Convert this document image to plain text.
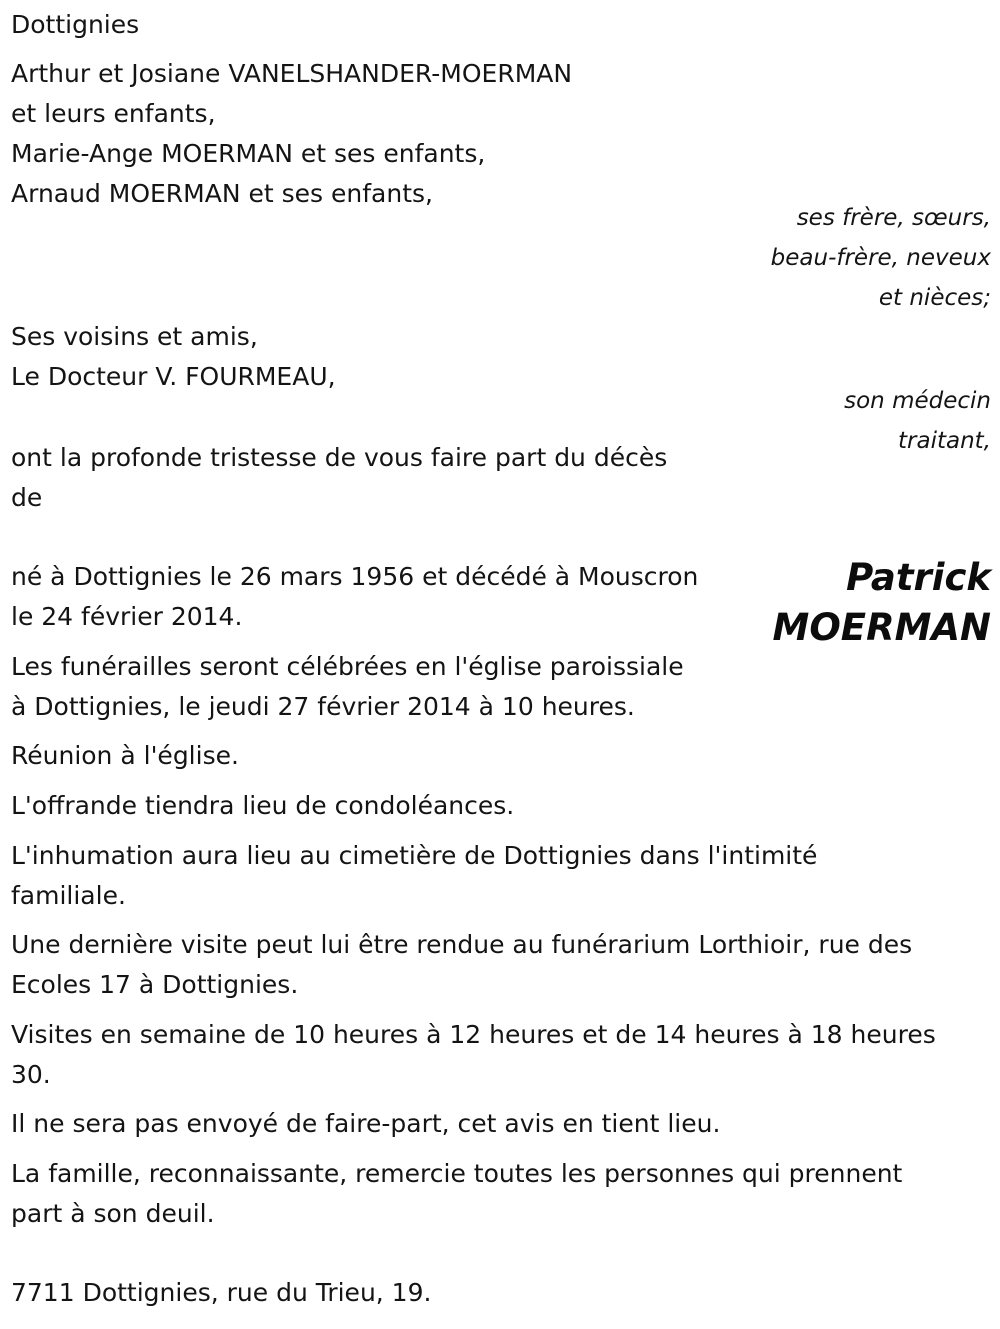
Dottignies
Arthur et Josiane VANELSHANDER-MOERMAN
et leurs enfants,
Marie-Ange MOERMAN et ses enfants,
Arnaud MOERMAN et ses enfants,
ses frère, sœurs,
beau-frère, neveux
et nièces;
Ses voisins et amis,
Le Docteur V. FOURMEAU,
son médecin
traitant,
ont la profonde tristesse de vous faire part du décès
de
Patrick
MOERMAN
né à Dottignies le 26 mars 1956 et décédé à Mouscron
le 24 février 2014.
Les funérailles seront célébrées en l'église paroissiale
à Dottignies, le jeudi 27 février 2014 à 10 heures.
Réunion à l'église.
L'offrande tiendra lieu de condoléances.
L'inhumation aura lieu au cimetière de Dottignies dans l'intimité
familiale.
Une dernière visite peut lui être rendue au funérarium Lorthioir, rue des
Ecoles 17 à Dottignies.
Visites en semaine de 10 heures à 12 heures et de 14 heures à 18 heures
30.
Il ne sera pas envoyé de faire-part, cet avis en tient lieu.
La famille, reconnaissante, remercie toutes les personnes qui prennent
part à son deuil.
7711 Dottignies, rue du Trieu, 19.
